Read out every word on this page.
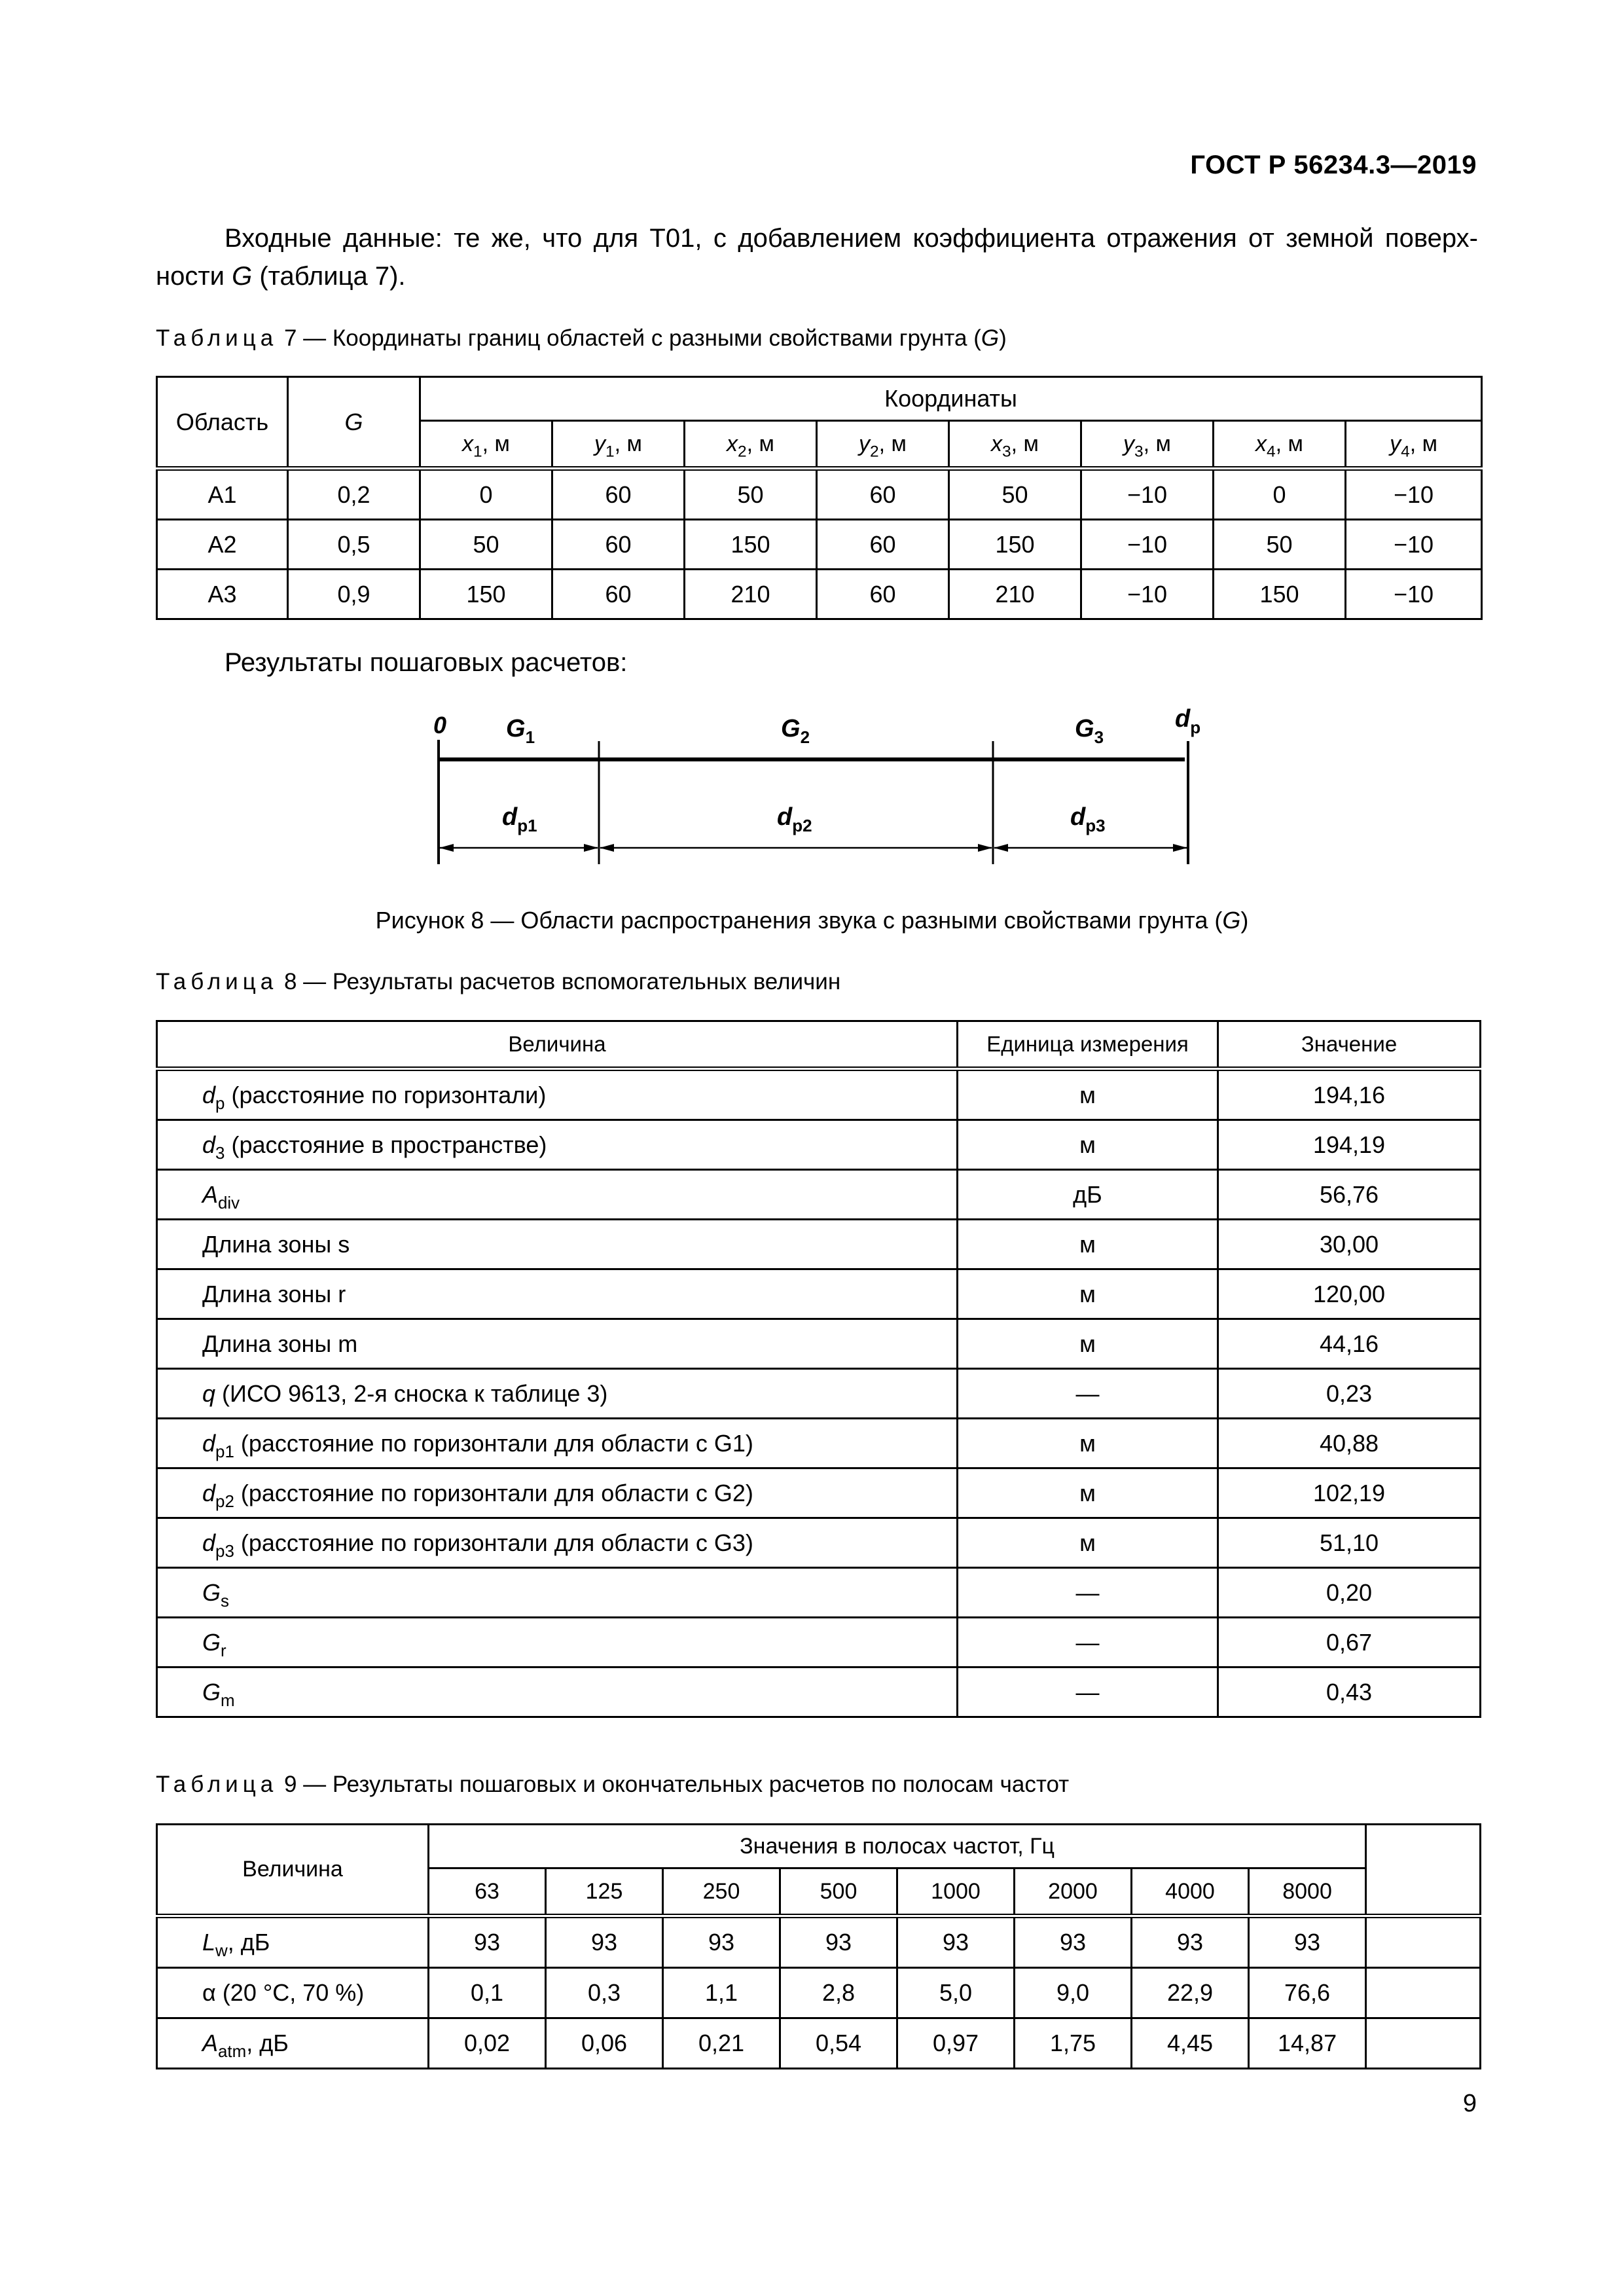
ГОСТ Р 56234.3—2019
Входные данные: те же, что для Т01, с добавлением коэффициента отражения от земной поверхности G (таблица 7).
Таблица 7 — Координаты границ областей с разными свойствами грунта (G)
Область	G	Координаты							
		$x_1$, м	$y_1$, м	$x_2$, м	$y_2$, м	$x_3$, м	$y_3$, м	$x_4$, м	$y_4$, м
A1	0,2	0	60	50	60	50	−10	0	−10
A2	0,5	50	60	150	60	150	−10	50	−10
A3	0,9	150	60	210	60	210	−10	150	−10
Результаты пошаговых расчетов:
0 $G_1$	$G_2$	$G_3$
$d_p$
$d_{p1}$	$d_{p2}$	$d_{p3}$
Рисунок 8 — Области распространения звука с разными свойствами грунта (G)
Таблица 8 — Результаты расчетов вспомогательных величин
Величина	Единица измерения	Значение
$d_p$ (расстояние по горизонтали)	м	194,16
$d_3$ (расстояние в пространстве)	м	194,19
$A_{div}$	дБ	56,76
Длина зоны s	м	30,00
Длина зоны r	м	120,00
Длина зоны m	м	44,16
q (ИСО 9613, 2-я сноска к таблице 3)	—	0,23
$d_{p1}$ (расстояние по горизонтали для области с G1)	м	40,88
$d_{p2}$ (расстояние по горизонтали для области с G2)	м	102,19
$d_{p3}$ (расстояние по горизонтали для области с G3)	м	51,10
$G_s$	—	0,20
$G_r$	—	0,67
$G_m$	—	0,43
Таблица 9 — Результаты пошаговых и окончательных расчетов по полосам частот
Величина	Значения в полосах частот, Гц								
	63	125	250	500	1000	2000	4000	8000	
$L_w$, дБ	93	93	93	93	93	93	93	93	
α (20 °C, 70 %)	0,1	0,3	1,1	2,8	5,0	9,0	22,9	76,6	
$A_{atm}$, дБ	0,02	0,06	0,21	0,54	0,97	1,75	4,45	14,87	
9
